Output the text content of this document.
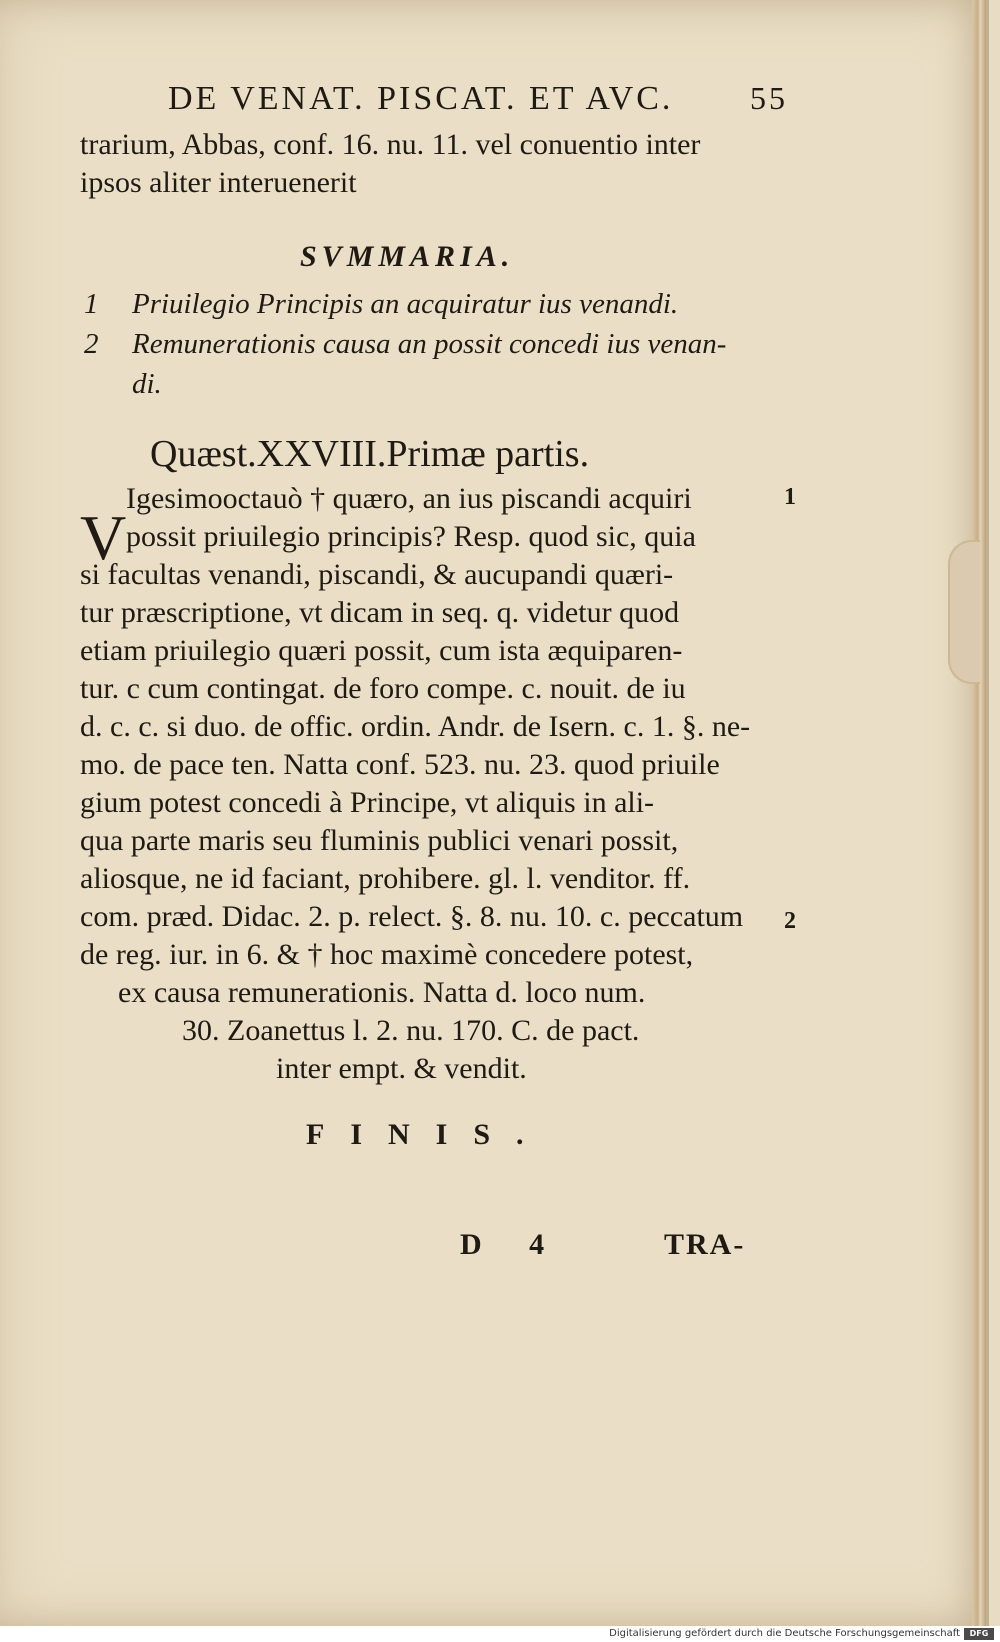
DE VENAT. PISCAT. ET AVC. 55
trarium, Abbas, conf. 16. nu. 11. vel conuentio inter
ipsos aliter interuenerit
SVMMARIA.
1 Priuilegio Principis an acquiratur ius venandi.
2 Remunerationis causa an possit concedi ius venan-
di.
Quæst.XXVIII.Primæ partis.
V
Igesimooctauò † quæro, an ius piscandi acquiri
possit priuilegio principis? Resp. quod sic, quia
si facultas venandi, piscandi, & aucupandi quæri-
tur præscriptione, vt dicam in seq. q. videtur quod
etiam priuilegio quæri possit, cum ista æquiparen-
tur. c cum contingat. de foro compe. c. nouit. de iu
d. c. c. si duo. de offic. ordin. Andr. de Isern. c. 1. §. ne-
mo. de pace ten. Natta conf. 523. nu. 23. quod priuile
gium potest concedi à Principe, vt aliquis in ali-
qua parte maris seu fluminis publici venari possit,
aliosque, ne id faciant, prohibere. gl. l. venditor. ff.
com. præd. Didac. 2. p. relect. §. 8. nu. 10. c. peccatum
de reg. iur. in 6. & † hoc maximè concedere potest,
ex causa remunerationis. Natta d. loco num.
30. Zoanettus l. 2. nu. 170. C. de pact.
inter empt. & vendit.
1
2
FINIS.
D 4	TRA-
Digitalisierung gefördert durch die Deutsche Forschungsgemeinschaft	DFG
